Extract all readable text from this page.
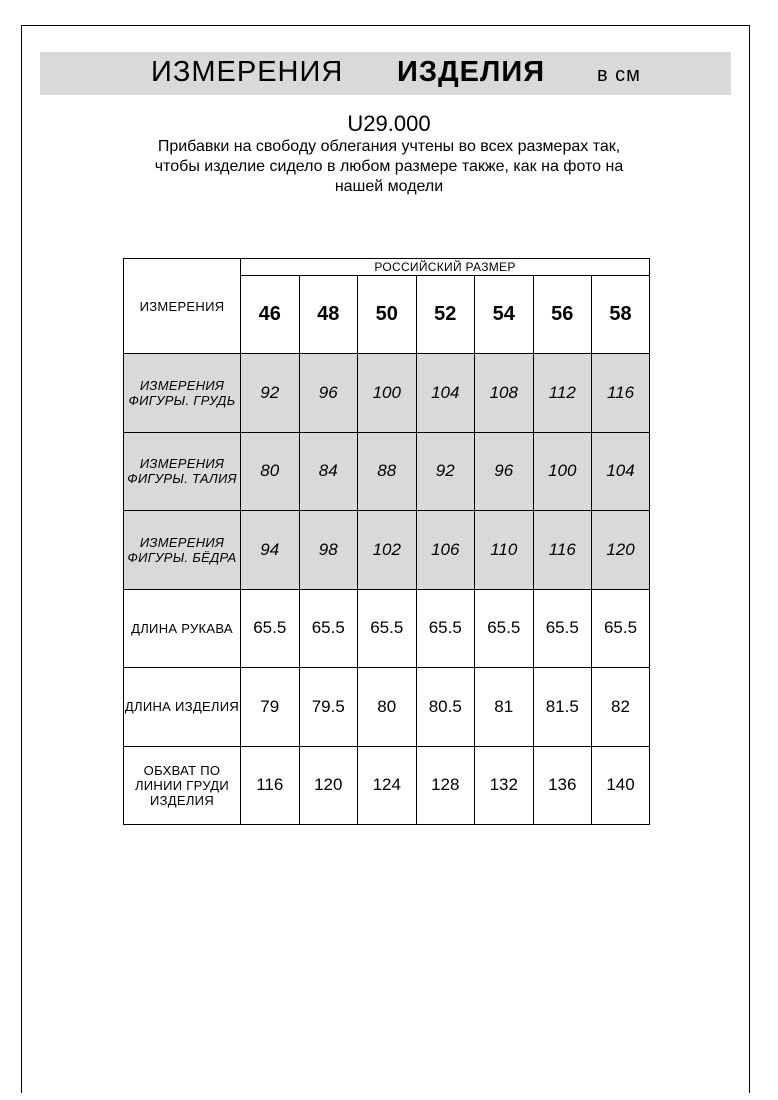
ИЗМЕРЕНИЯ ИЗДЕЛИЯ	в см
U29.000
Прибавки на свободу облегания учтены во всех размерах так,
чтобы изделие сидело в любом размере также, как на фото на
нашей модели
ИЗМЕРЕНИЯ	РОССИЙСКИЙ РАЗМЕР						
	46	48	50	52	54	56	58
ИЗМЕРЕНИЯ
ФИГУРЫ. ГРУДЬ	92	96	100	104	108	112	116
ИЗМЕРЕНИЯ
ФИГУРЫ. ТАЛИЯ	80	84	88	92	96	100	104
ИЗМЕРЕНИЯ
ФИГУРЫ. БЁДРА	94	98	102	106	110	116	120
ДЛИНА РУКАВА	65.5	65.5	65.5	65.5	65.5	65.5	65.5
ДЛИНА ИЗДЕЛИЯ	79	79.5	80	80.5	81	81.5	82
ОБХВАТ ПО
ЛИНИИ ГРУДИ
ИЗДЕЛИЯ	116	120	124	128	132	136	140
